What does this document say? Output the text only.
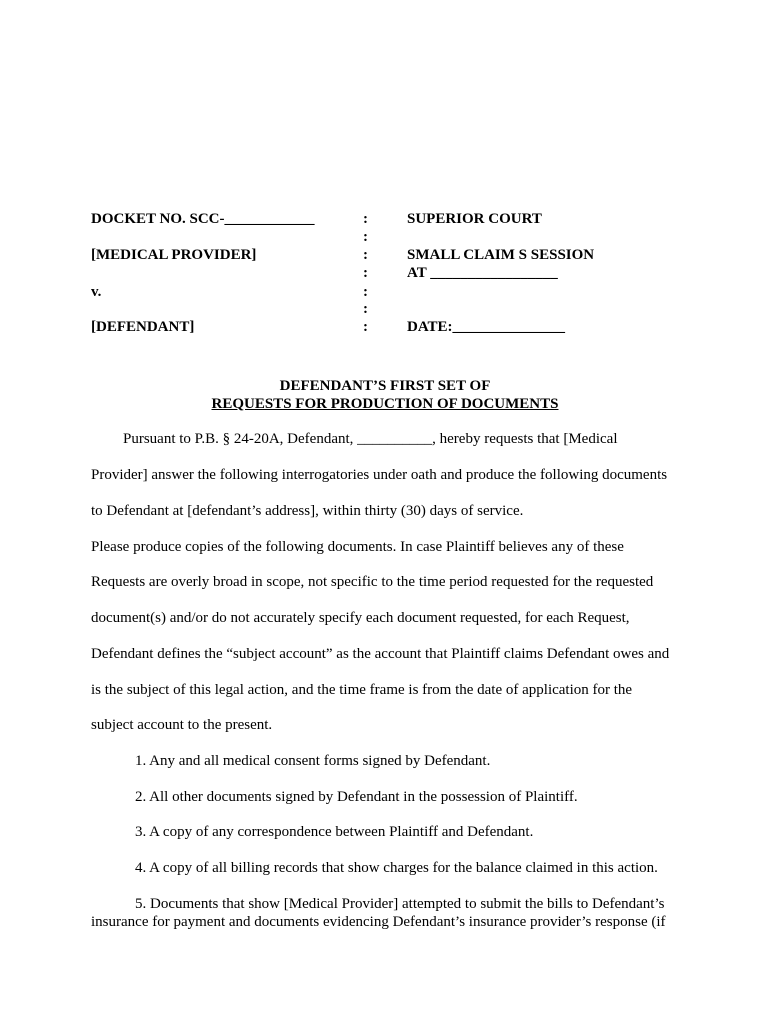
DOCKET NO. SCC-____________
[MEDICAL PROVIDER]
v.
[DEFENDANT]
:
:
:
:
:
:
:
SUPERIOR COURT
SMALL CLAIM S SESSION
AT _________________
DATE:_______________
DEFENDANT’S FIRST SET OF
REQUESTS FOR PRODUCTION OF DOCUMENTS
Pursuant to P.B. § 24-20A, Defendant, __________, hereby requests that [Medical
Provider] answer the following interrogatories under oath and produce the following documents
to Defendant at [defendant’s address], within thirty (30) days of service.
Please produce copies of the following documents. In case Plaintiff believes any of these
Requests are overly broad in scope, not specific to the time period requested for the requested
document(s) and/or do not accurately specify each document requested, for each Request,
Defendant defines the “subject account” as the account that Plaintiff claims Defendant owes and
is the subject of this legal action, and the time frame is from the date of application for the
subject account to the present.
1. Any and all medical consent forms signed by Defendant.
2. All other documents signed by Defendant in the possession of Plaintiff.
3. A copy of any correspondence between Plaintiff and Defendant.
4. A copy of all billing records that show charges for the balance claimed in this action.
5. Documents that show [Medical Provider] attempted to submit the bills to Defendant’s
insurance for payment and documents evidencing Defendant’s insurance provider’s response (if
